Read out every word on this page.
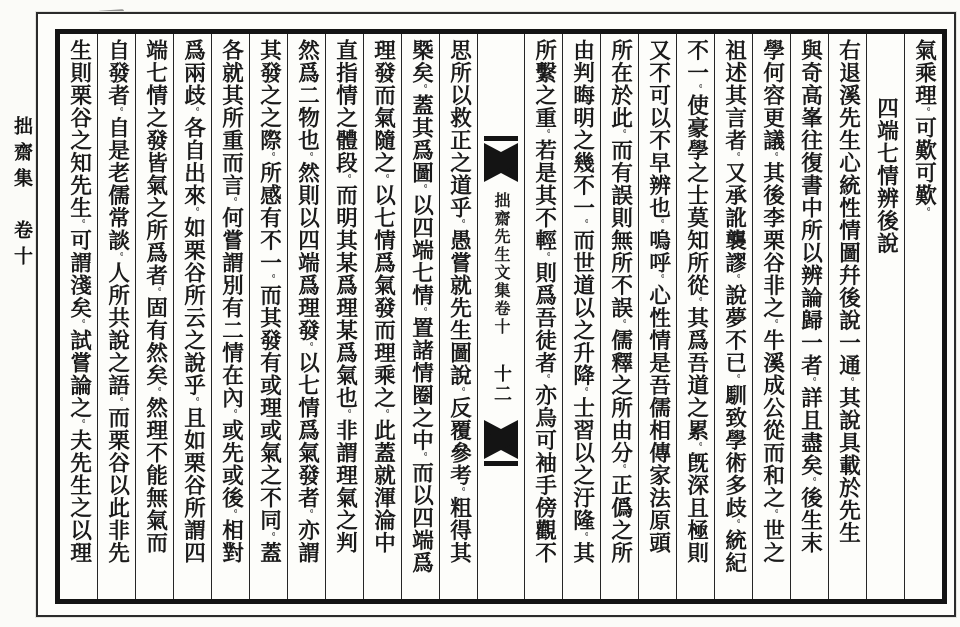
拙齋集　卷十
氣乘理。可歎可歎。
四端七情辨後說
右退溪先生心統性情圖幷後說一通。其說具載於先生
與奇高峯往復書中所以辨論歸一者。詳且盡矣。後生末
學何容更議。其後李栗谷非之。牛溪成公從而和之。世之
祖述其言者。又承訛襲謬。說夢不已。馴致學術多歧。統紀
不一。使豪學之士莫知所從。其爲吾道之累。旣深且極則
又不可以不早辨也。嗚呼。心性情是吾儒相傳家法原頭
所在於此。而有誤則無所不誤。儒釋之所由分。正僞之所
由判晦明之幾不一。而世道以之升降。士習以之汙隆。其
所繫之重。若是其不輕。則爲吾徒者。亦烏可袖手傍觀不
拙齋先生文集卷十
十二
思所以救正之道乎。愚嘗就先生圖說。反覆參考。粗得其
槩矣。蓋其爲圖。以四端七情。置諸情圈之中。而以四端爲
理發而氣隨之。以七情爲氣發而理乘之。此蓋就渾淪中
直指情之體段。而明其某爲理某爲氣也。非謂理氣之判
然爲二物也。然則以四端爲理發。以七情爲氣發者。亦謂
其發之之際。所感有不一。而其發有或理或氣之不同。蓋
各就其所重而言。何嘗謂別有二情在內。或先或後。相對
爲兩歧。各自出來。如栗谷所云之說乎。且如栗谷所謂四
端七情之發皆氣之所爲者。固有然矣。然理不能無氣而
自發者。自是老儒常談。人所共說之語。而栗谷以此非先
生則栗谷之知先生。可謂淺矣。試嘗論之。夫先生之以理
